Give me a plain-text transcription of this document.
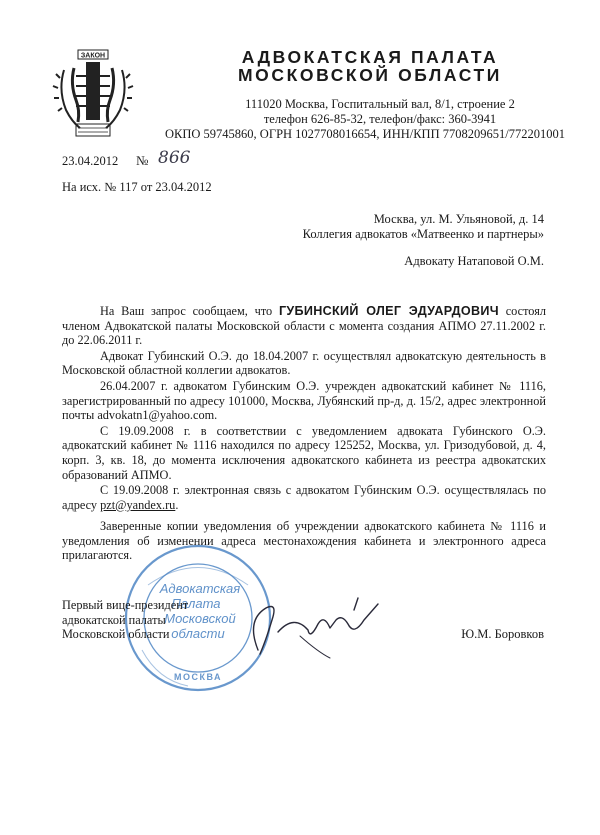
ЗАКОН	АДВОКАТСКАЯ ПАЛАТА
МОСКОВСКОЙ ОБЛАСТИ
111020 Москва, Госпитальный вал, 8/1, строение 2
телефон 626-85-32, телефон/факс: 360-3941
ОКПО 59745860, ОГРН 1027708016654, ИНН/КПП 7708209651/772201001
23.04.2012 № 866
На исх. № 117 от 23.04.2012
Москва, ул. М. Ульяновой, д. 14
Коллегия адвокатов «Матвеенко и партнеры»
Адвокату Натаповой О.М.

На Ваш запрос сообщаем, что ГУБИНСКИЙ ОЛЕГ ЭДУАРДОВИЧ состоял членом Адвокатской палаты Московской области с момента создания АПМО 27.11.2002 г. до 22.06.2011 г.

Адвокат Губинский О.Э. до 18.04.2007 г. осуществлял адвокатскую деятельность в Московской областной коллегии адвокатов.

26.04.2007 г. адвокатом Губинским О.Э. учрежден адвокатский кабинет № 1116, зарегистрированный по адресу 101000, Москва, Лубянский пр-д, д. 15/2, адрес электронной почты advokatn1@yahoo.com.

С 19.09.2008 г. в соответствии с уведомлением адвоката Губинского О.Э. адвокатский кабинет № 1116 находился по адресу 125252, Москва, ул. Гризодубовой, д. 4, корп. 3, кв. 18, до момента исключения адвокатского кабинета из реестра адвокатских образований АПМО.

С 19.09.2008 г. электронная связь с адвокатом Губинским О.Э. осуществлялась по адресу pzt@yandex.ru.

Заверенные копии уведомления об учреждении адвокатского кабинета № 1116 и уведомления об изменении адреса местонахождения кабинета и электронного адреса прилагаются.

МОСКВА
Адвокатская
Палата
Московской
области
Первый вице-президент
адвокатской палаты
Московской области	Ю.М. Боровков
